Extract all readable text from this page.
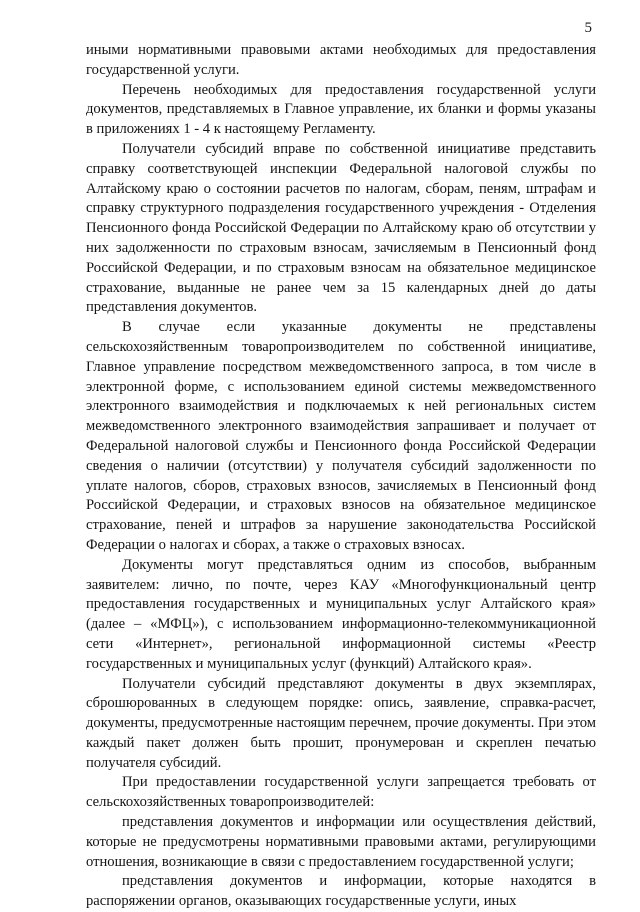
5

иными нормативными правовыми актами необходимых для предоставления государственной услуги.

Перечень необходимых для предоставления государственной услуги документов, представляемых в Главное управление, их бланки и формы указаны в приложениях 1 - 4 к настоящему Регламенту.

Получатели субсидий вправе по собственной инициативе представить справку соответствующей инспекции Федеральной налоговой службы по Алтайскому краю о состоянии расчетов по налогам, сборам, пеням, штрафам и справку структурного подразделения государственного учреждения - Отделения Пенсионного фонда Российской Федерации по Алтайскому краю об отсутствии у них задолженности по страховым взносам, зачисляемым в Пенсионный фонд Российской Федерации, и по страховым взносам на обязательное медицинское страхование, выданные не ранее чем за 15 календарных дней до даты представления документов.

В случае если указанные документы не представлены сельскохозяйственным товаропроизводителем по собственной инициативе, Главное управление посредством межведомственного запроса, в том числе в электронной форме, с использованием единой системы межведомственного электронного взаимодействия и подключаемых к ней региональных систем межведомственного электронного взаимодействия запрашивает и получает от Федеральной налоговой службы и Пенсионного фонда Российской Федерации сведения о наличии (отсутствии) у получателя субсидий задолженности по уплате налогов, сборов, страховых взносов, зачисляемых в Пенсионный фонд Российской Федерации, и страховых взносов на обязательное медицинское страхование, пеней и штрафов за нарушение законодательства Российской Федерации о налогах и сборах, а также о страховых взносах.

Документы могут представляться одним из способов, выбранным заявителем: лично, по почте, через КАУ «Многофункциональный центр предоставления государственных и муниципальных услуг Алтайского края» (далее – «МФЦ»), с использованием информационно-телекоммуникационной сети «Интернет», региональной информационной системы «Реестр государственных и муниципальных услуг (функций) Алтайского края».

Получатели субсидий представляют документы в двух экземплярах, сброшюрованных в следующем порядке: опись, заявление, справка-расчет, документы, предусмотренные настоящим перечнем, прочие документы. При этом каждый пакет должен быть прошит, пронумерован и скреплен печатью получателя субсидий.

При предоставлении государственной услуги запрещается требовать от сельскохозяйственных товаропроизводителей:

представления документов и информации или осуществления действий, которые не предусмотрены нормативными правовыми актами, регулирующими отношения, возникающие в связи с предоставлением государственной услуги;

представления документов и информации, которые находятся в распоряжении органов, оказывающих государственные услуги, иных
